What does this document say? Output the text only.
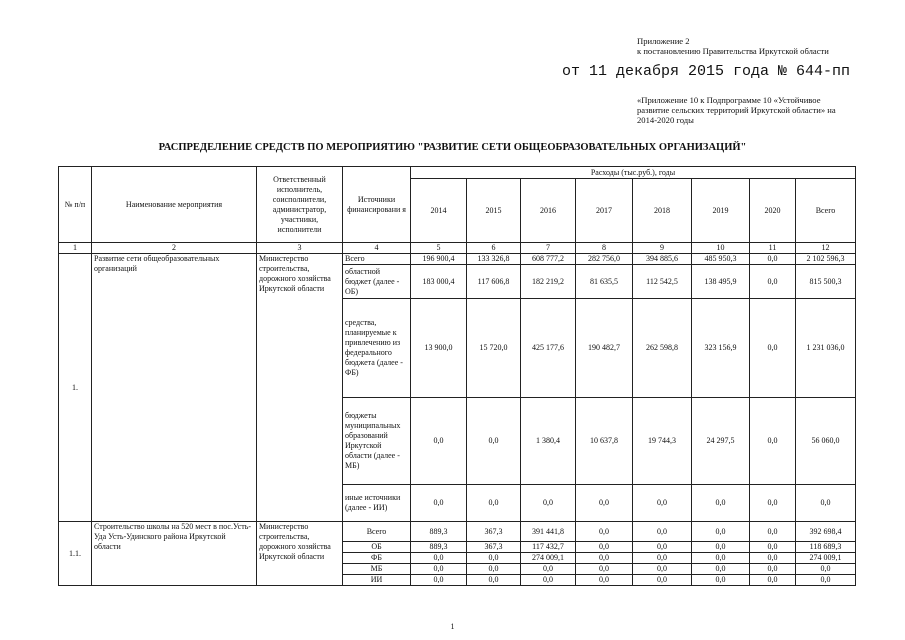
Приложение 2
к постановлению Правительства Иркутской области
от 11 декабря 2015 года № 644-пп
«Приложение 10 к Подпрограмме 10 «Устойчивое
развитие сельских территорий Иркутской области» на
2014-2020 годы
РАСПРЕДЕЛЕНИЕ СРЕДСТВ ПО МЕРОПРИЯТИЮ "РАЗВИТИЕ СЕТИ ОБЩЕОБРАЗОВАТЕЛЬНЫХ ОРГАНИЗАЦИЙ"
№ п/п	Наименование мероприятия	Ответственный исполнитель, соисполнители, администратор, участники, исполнители	Источники финансировани я	Расходы (тыс.руб.), годы							
				2014	2015	2016	2017	2018	2019	2020	Всего
1	2	3	4	5	6	7	8	9	10	11	12
1.	Развитие сети общеобразовательных организаций	Министерство строительства, дорожного хозяйства Иркутской области	Всего	196 900,4	133 326,8	608 777,2	282 756,0	394 885,6	485 950,3	0,0	2 102 596,3
			областной бюджет (далее - ОБ)	183 000,4	117 606,8	182 219,2	81 635,5	112 542,5	138 495,9	0,0	815 500,3
			средства, планируемые к привлечению из федерального бюджета (далее - ФБ)	13 900,0	15 720,0	425 177,6	190 482,7	262 598,8	323 156,9	0,0	1 231 036,0
			бюджеты муниципальных образований Иркутской области (далее - МБ)	0,0	0,0	1 380,4	10 637,8	19 744,3	24 297,5	0,0	56 060,0
			иные источники (далее - ИИ)	0,0	0,0	0,0	0,0	0,0	0,0	0,0	0,0
1.1.	Строительство школы на 520 мест в пос.Усть-Уда Усть-Удинского района Иркутской области	Министерство строительства, дорожного хозяйства Иркутской области	Всего	889,3	367,3	391 441,8	0,0	0,0	0,0	0,0	392 698,4
			ОБ	889,3	367,3	117 432,7	0,0	0,0	0,0	0,0	118 689,3
			ФБ	0,0	0,0	274 009,1	0,0	0,0	0,0	0,0	274 009,1
			МБ	0,0	0,0	0,0	0,0	0,0	0,0	0,0	0,0
			ИИ	0,0	0,0	0,0	0,0	0,0	0,0	0,0	0,0
1
